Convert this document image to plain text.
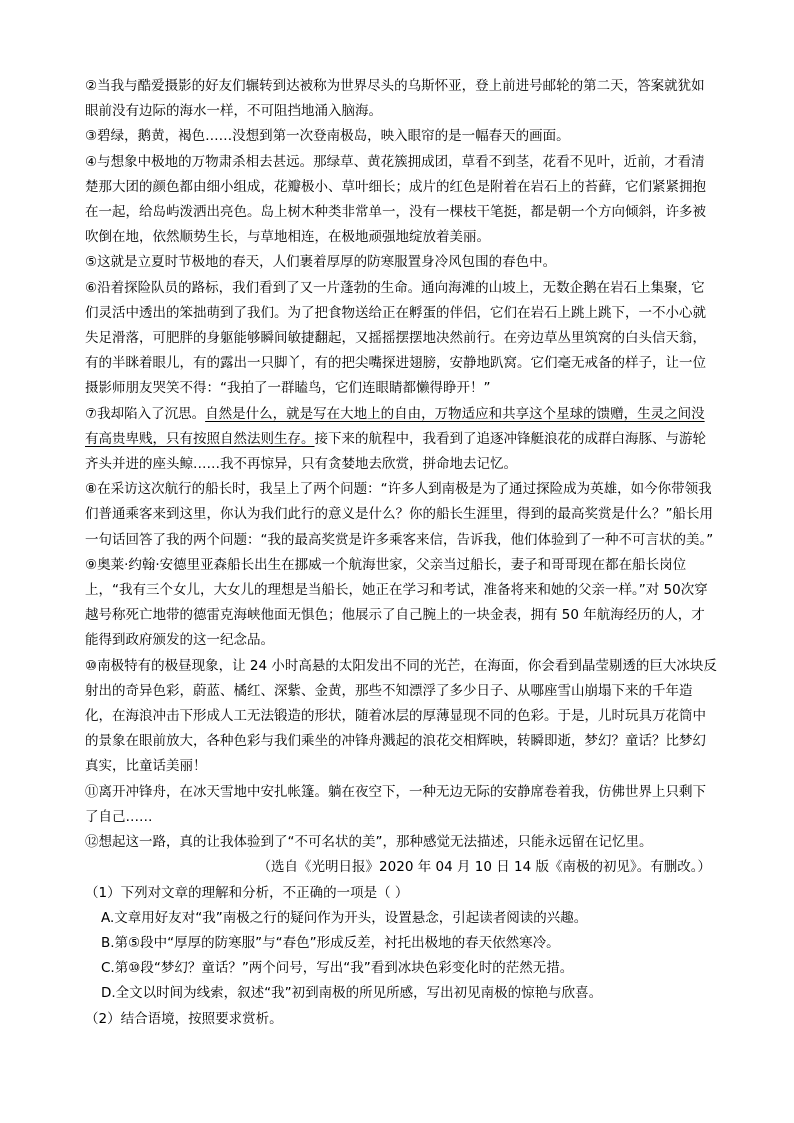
②当我与酷爱摄影的好友们辗转到达被称为世界尽头的乌斯怀亚，登上前进号邮轮的第二天，答案就犹如眼前没有边际的海水一样，不可阻挡地涌入脑海。

③碧绿，鹅黄，褐色……没想到第一次登南极岛，映入眼帘的是一幅春天的画面。

④与想象中极地的万物肃杀相去甚远。那绿草、黄花簇拥成团，草看不到茎，花看不见叶，近前，才看清楚那大团的颜色都由细小组成，花瓣极小、草叶细长；成片的红色是附着在岩石上的苔藓，它们紧紧拥抱在一起，给岛屿泼洒出亮色。岛上树木种类非常单一，没有一棵枝干笔挺，都是朝一个方向倾斜，许多被吹倒在地，依然顺势生长，与草地相连，在极地顽强地绽放着美丽。

⑤这就是立夏时节极地的春天，人们裹着厚厚的防寒服置身冷风包围的春色中。

⑥沿着探险队员的路标，我们看到了又一片蓬勃的生命。通向海滩的山坡上，无数企鹅在岩石上集聚，它们灵活中透出的笨拙萌到了我们。为了把食物送给正在孵蛋的伴侣，它们在岩石上跳上跳下，一不小心就失足滑落，可肥胖的身躯能够瞬间敏捷翻起，又摇摇摆摆地决然前行。在旁边草丛里筑窝的白头信天翁，有的半眯着眼儿，有的露出一只脚丫，有的把尖嘴探进翅膀，安静地趴窝。它们毫无戒备的样子，让一位摄影师朋友哭笑不得：“我拍了一群瞌鸟，它们连眼睛都懒得睁开！”

⑦我却陷入了沉思。自然是什么，就是写在大地上的自由，万物适应和共享这个星球的馈赠，生灵之间没有高贵卑贱，只有按照自然法则生存。接下来的航程中，我看到了追逐冲锋艇浪花的成群白海豚、与游轮齐头并进的座头鲸……我不再惊异，只有贪婪地去欣赏，拼命地去记忆。

⑧在采访这次航行的船长时，我呈上了两个问题：“许多人到南极是为了通过探险成为英雄，如今你带领我们普通乘客来到这里，你认为我们此行的意义是什么？你的船长生涯里，得到的最高奖赏是什么？”船长用一句话回答了我的两个问题：“我的最高奖赏是许多乘客来信，告诉我，他们体验到了一种不可言状的美。”

⑨奥莱·约翰·安德里亚森船长出生在挪威一个航海世家，父亲当过船长，妻子和哥哥现在都在船长岗位上，“我有三个女儿，大女儿的理想是当船长，她正在学习和考试，准备将来和她的父亲一样。”对 50次穿越号称死亡地带的德雷克海峡他面无惧色；他展示了自己腕上的一块金表，拥有 50 年航海经历的人，才能得到政府颁发的这一纪念品。

⑩南极特有的极昼现象，让 24 小时高悬的太阳发出不同的光芒，在海面，你会看到晶莹剔透的巨大冰块反射出的奇异色彩，蔚蓝、橘红、深紫、金黄，那些不知漂浮了多少日子、从哪座雪山崩塌下来的千年造化，在海浪冲击下形成人工无法锻造的形状，随着冰层的厚薄显现不同的色彩。于是，儿时玩具万花筒中的景象在眼前放大，各种色彩与我们乘坐的冲锋舟溅起的浪花交相辉映，转瞬即逝，梦幻？童话？比梦幻真实，比童话美丽！

⑪离开冲锋舟，在冰天雪地中安扎帐篷。躺在夜空下，一种无边无际的安静席卷着我，仿佛世界上只剩下了自己……

⑫想起这一路，真的让我体验到了“不可名状的美”，那种感觉无法描述，只能永远留在记忆里。

（选自《光明日报》2020 年 04 月 10 日 14 版《南极的初见》。有删改。）

（1）下列对文章的理解和分析，不正确的一项是（ ）

A.文章用好友对“我”南极之行的疑问作为开头，设置悬念，引起读者阅读的兴趣。

B.第⑤段中“厚厚的防寒服”与“春色”形成反差，衬托出极地的春天依然寒冷。

C.第⑩段“梦幻？童话？”两个问号，写出“我”看到冰块色彩变化时的茫然无措。

D.全文以时间为线索，叙述“我”初到南极的所见所感，写出初见南极的惊艳与欣喜。

（2）结合语境，按照要求赏析。
